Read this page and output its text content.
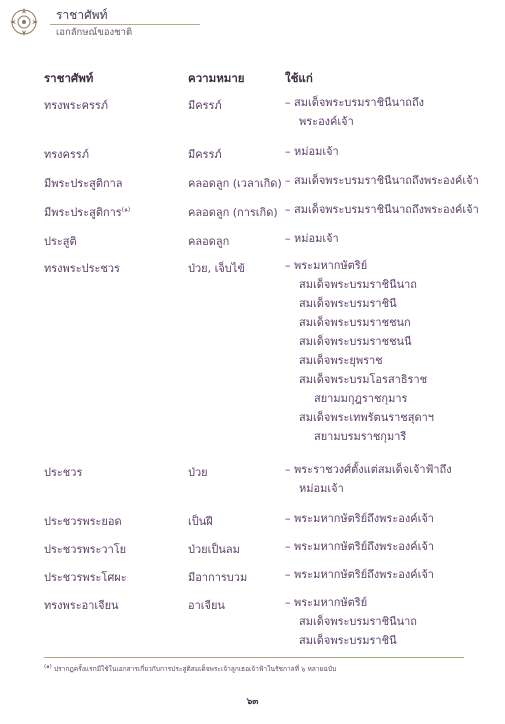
ราชาศัพท์
เอกลักษณ์ของชาติ
ราชาศัพท์	ความหมาย	ใช้แก่
ทรงพระครรภ์	มีครรภ์	– สมเด็จพระบรมราชินีนาถถึง
พระองค์เจ้า
ทรงครรภ์	มีครรภ์	– หม่อมเจ้า
มีพระประสูติกาล	คลอดลูก (เวลาเกิด) – สมเด็จพระบรมราชินีนาถถึงพระองค์เจ้า
มีพระประสูติการ$^{(๑)}$	คลอดลูก (การเกิด) – สมเด็จพระบรมราชินีนาถถึงพระองค์เจ้า
ประสูติ	คลอดลูก	– หม่อมเจ้า
ทรงพระประชวร	ป่วย, เจ็บไข้	– พระมหากษัตริย์
สมเด็จพระบรมราชินีนาถ
สมเด็จพระบรมราชินี
สมเด็จพระบรมราชชนก
สมเด็จพระบรมราชชนนี
สมเด็จพระยุพราช
สมเด็จพระบรมโอรสาธิราช
สยามมกุฎราชกุมาร
สมเด็จพระเทพรัตนราชสุดาฯ
สยามบรมราชกุมารี
ประชวร	ป่วย	– พระราชวงศ์ตั้งแต่สมเด็จเจ้าฟ้าถึง
หม่อมเจ้า
ประชวรพระยอด	เป็นฝี	– พระมหากษัตริย์ถึงพระองค์เจ้า
ประชวรพระวาโย	ป่วยเป็นลม	– พระมหากษัตริย์ถึงพระองค์เจ้า
ประชวรพระโศผะ	มีอาการบวม	– พระมหากษัตริย์ถึงพระองค์เจ้า
ทรงพระอาเจียน	อาเจียน	– พระมหากษัตริย์
สมเด็จพระบรมราชินีนาถ
สมเด็จพระบรมราชินี
$^{(๑)}$ ปรากฏครั้งแรกมีใช้ในเอกสารเกี่ยวกับการประสูติสมเด็จพระเจ้าลูกเธอเจ้าฟ้าในรัชกาลที่ ๖ หลายฉบับ
๖๓
